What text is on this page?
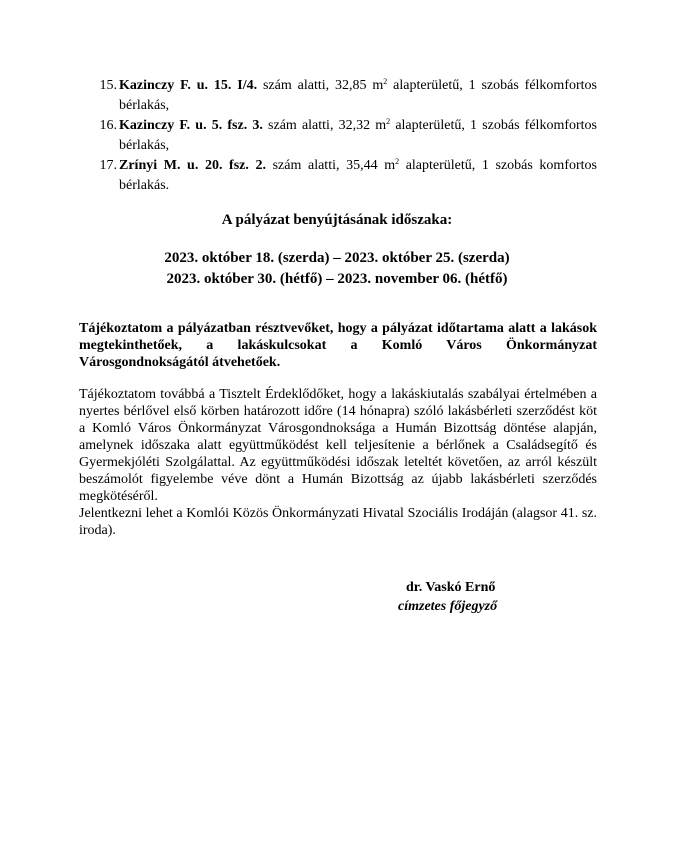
15. Kazinczy F. u. 15. I/4. szám alatti, 32,85 $m^2$ alapterületű, 1 szobás félkomfortos bérlakás,
16. Kazinczy F. u. 5. fsz. 3. szám alatti, 32,32 $m^2$ alapterületű, 1 szobás félkomfortos bérlakás,
17. Zrínyi M. u. 20. fsz. 2. szám alatti, 35,44 $m^2$ alapterületű, 1 szobás komfortos bérlakás.
A pályázat benyújtásának időszaka:
2023. október 18. (szerda) – 2023. október 25. (szerda)
2023. október 30. (hétfő) – 2023. november 06. (hétfő)
Tájékoztatom a pályázatban résztvevőket, hogy a pályázat időtartama alatt a lakások megtekinthetőek, a lakáskulcsokat a Komló Város Önkormányzat Városgondnokságától átvehetőek.

Tájékoztatom továbbá a Tisztelt Érdeklődőket, hogy a lakáskiutalás szabályai értelmében a nyertes bérlővel első körben határozott időre (14 hónapra) szóló lakásbérleti szerződést köt a Komló Város Önkormányzat Városgondnoksága a Humán Bizottság döntése alapján, amelynek időszaka alatt együttműködést kell teljesítenie a bérlőnek a Családsegítő és Gyermekjóléti Szolgálattal. Az együttműködési időszak leteltét követően, az arról készült beszámolót figyelembe véve dönt a Humán Bizottság az újabb lakásbérleti szerződés megkötéséről.

Jelentkezni lehet a Komlói Közös Önkormányzati Hivatal Szociális Irodáján (alagsor 41. sz. iroda).

dr. Vaskó Ernő
címzetes főjegyző
